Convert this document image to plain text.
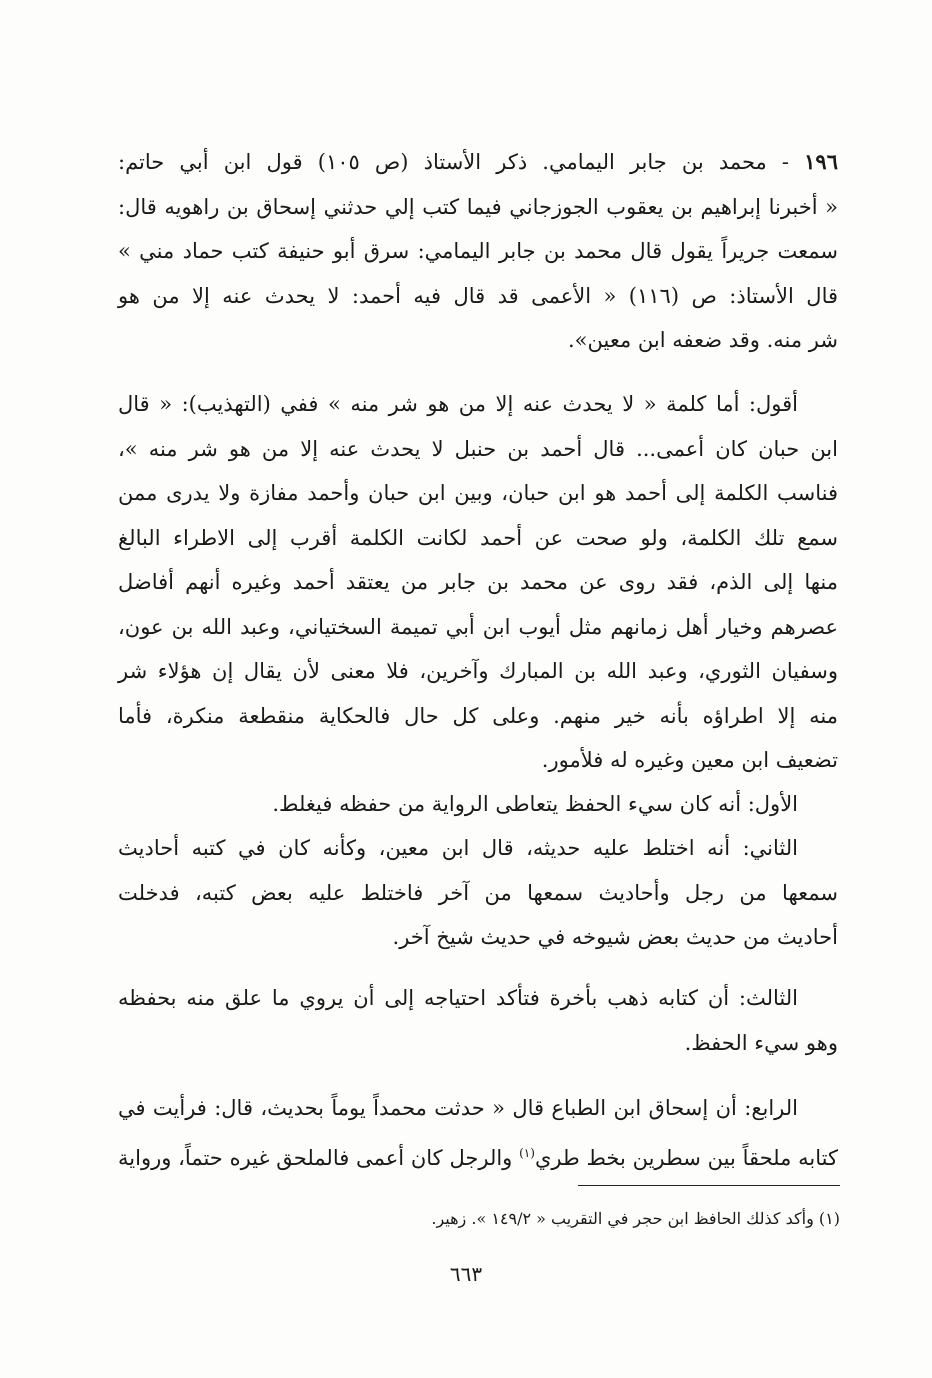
١٩٦ - محمد بن جابر اليمامي. ذكر الأستاذ (ص ١٠٥) قول ابن أبي حاتم:
« أخبرنا إبراهيم بن يعقوب الجوزجاني فيما كتب إلي حدثني إسحاق بن راهويه قال:
سمعت جريراً يقول قال محمد بن جابر اليمامي: سرق أبو حنيفة كتب حماد مني »
قال الأستاذ: ص (١١٦) « الأعمى قد قال فيه أحمد: لا يحدث عنه إلا من هو
شر منه. وقد ضعفه ابن معين».
أقول: أما كلمة « لا يحدث عنه إلا من هو شر منه » ففي (التهذيب): « قال
ابن حبان كان أعمى... قال أحمد بن حنبل لا يحدث عنه إلا من هو شر منه »،
فناسب الكلمة إلى أحمد هو ابن حبان، وبين ابن حبان وأحمد مفازة ولا يدرى ممن
سمع تلك الكلمة، ولو صحت عن أحمد لكانت الكلمة أقرب إلى الاطراء البالغ
منها إلى الذم، فقد روى عن محمد بن جابر من يعتقد أحمد وغيره أنهم أفاضل
عصرهم وخيار أهل زمانهم مثل أيوب ابن أبي تميمة السختياني، وعبد الله بن عون،
وسفيان الثوري، وعبد الله بن المبارك وآخرين، فلا معنى لأن يقال إن هؤلاء شر
منه إلا اطراؤه بأنه خير منهم. وعلى كل حال فالحكاية منقطعة منكرة، فأما
تضعيف ابن معين وغيره له فلأمور.
الأول: أنه كان سيء الحفظ يتعاطى الرواية من حفظه فيغلط.
الثاني: أنه اختلط عليه حديثه، قال ابن معين، وكأنه كان في كتبه أحاديث
سمعها من رجل وأحاديث سمعها من آخر فاختلط عليه بعض كتبه، فدخلت
أحاديث من حديث بعض شيوخه في حديث شيخ آخر.
الثالث: أن كتابه ذهب بأخرة فتأكد احتياجه إلى أن يروي ما علق منه بحفظه
وهو سيء الحفظ.
الرابع: أن إسحاق ابن الطباع قال « حدثت محمداً يوماً بحديث، قال: فرأيت في
كتابه ملحقاً بين سطرين بخط طري$^{(١)}$ والرجل كان أعمى فالملحق غيره حتماً، ورواية
(١) وأكد كذلك الحافظ ابن حجر في التقريب « ١٤٩/٢ ». زهير.
٦٦٣
